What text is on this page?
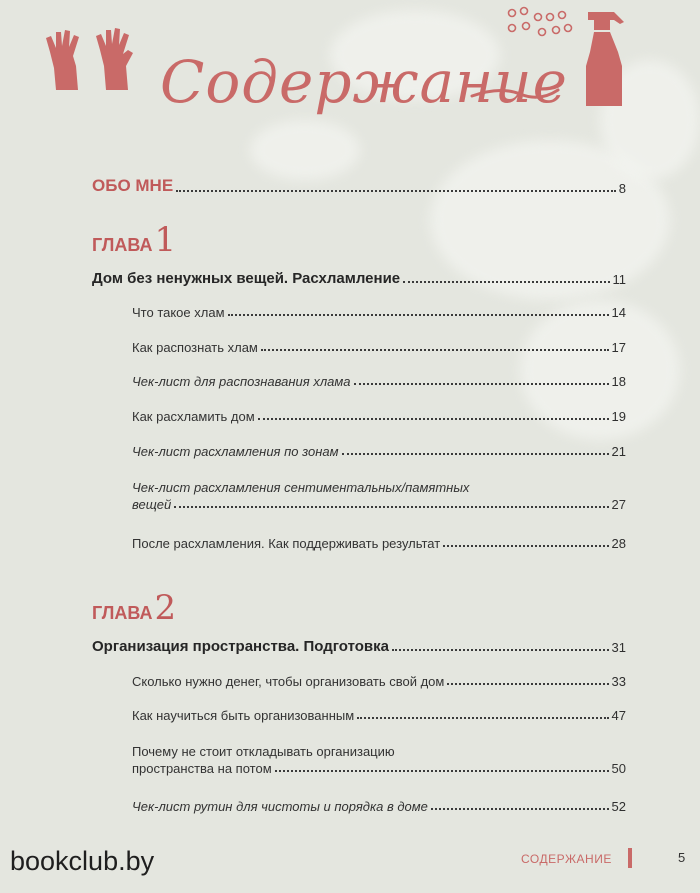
Содержание
ОБО МНЕ	8
ГЛАВА1
Дом без ненужных вещей. Расхламление	11
Что такое хлам	14
Как распознать хлам	17
Чек-лист для распознавания хлама	18
Как расхламить дом	19
Чек-лист расхламления по зонам	21
Чек-лист расхламления сентиментальных/памятных
вещей	27
После расхламления. Как поддерживать результат	28
ГЛАВА2
Организация пространства. Подготовка	31
Сколько нужно денег, чтобы организовать свой дом	33
Как научиться быть организованным	47
Почему не стоит откладывать организацию
пространства на потом	50
Чек-лист рутин для чистоты и порядка в доме	52
bookclub.by	СОДЕРЖАНИЕ	5
